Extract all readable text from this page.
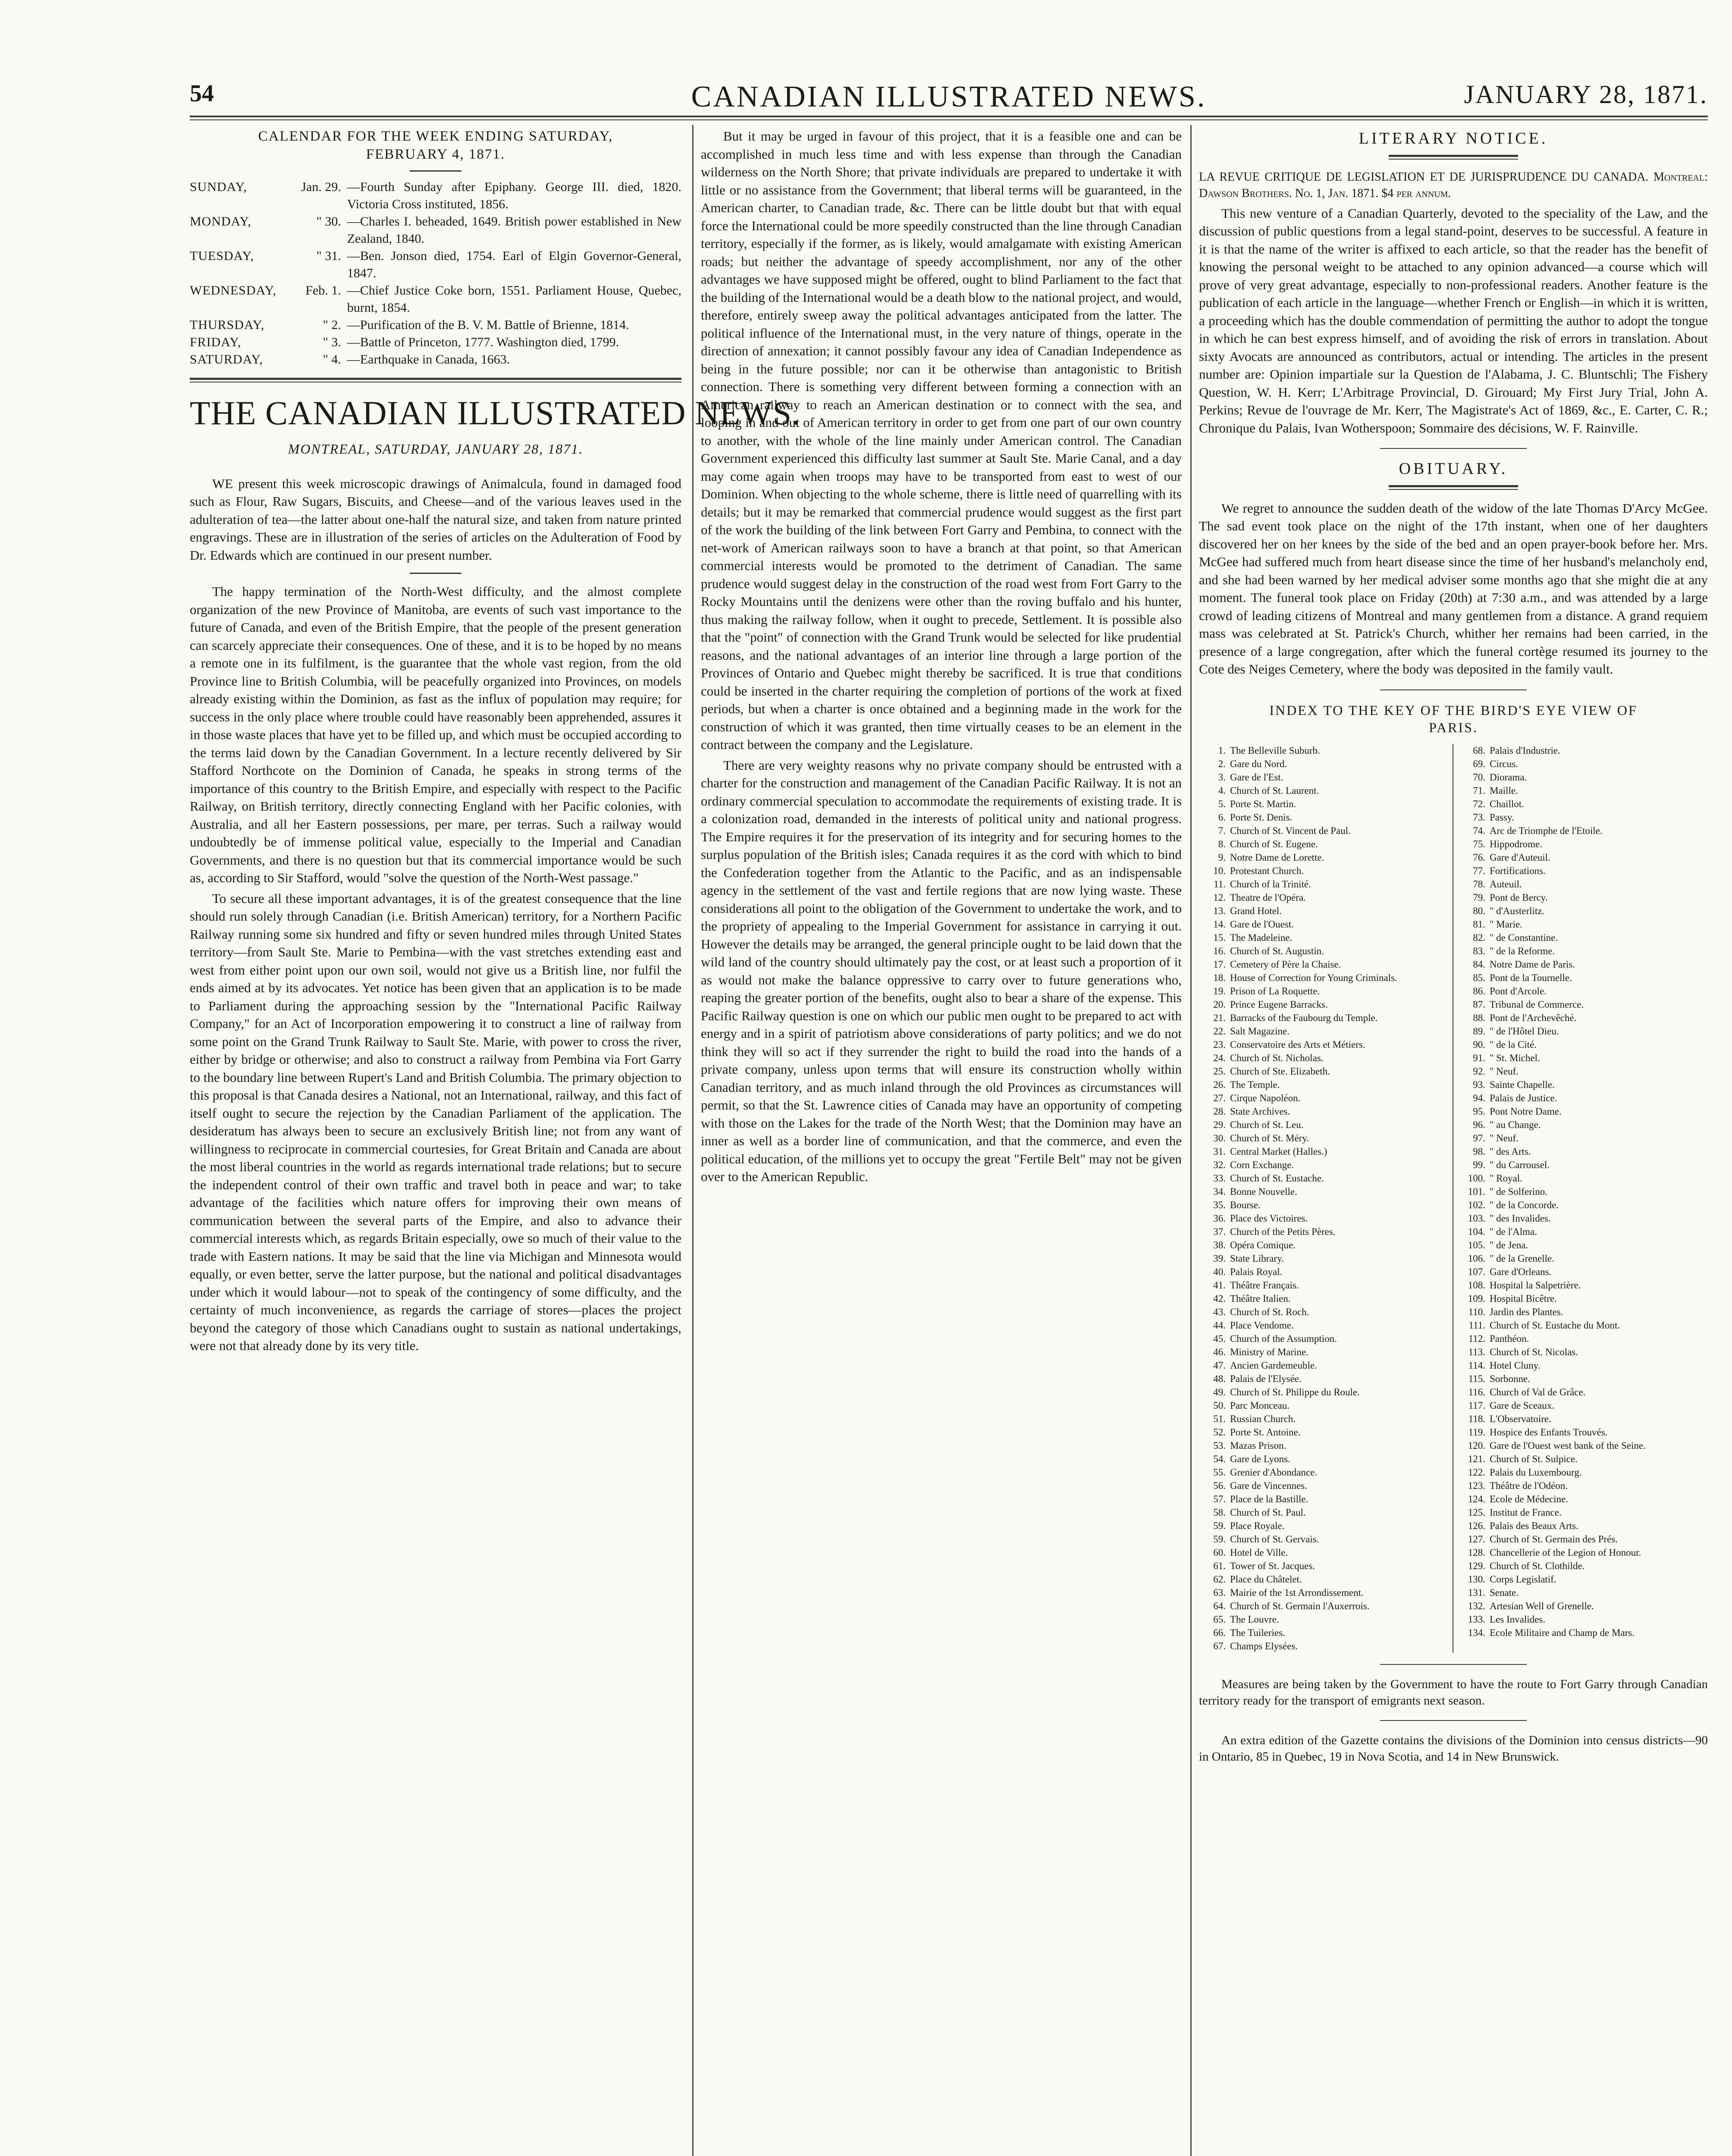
54	CANADIAN ILLUSTRATED NEWS.	JANUARY 28, 1871.
CALENDAR FOR THE WEEK ENDING SATURDAY,
FEBRUARY 4, 1871.
SUNDAY,	Jan. 29.	—Fourth Sunday after Epiphany. George III. died, 1820. Victoria Cross instituted, 1856.
MONDAY,	" 30.	—Charles I. beheaded, 1649. British power established in New Zealand, 1840.
TUESDAY,	" 31.	—Ben. Jonson died, 1754. Earl of Elgin Governor-General, 1847.
WEDNESDAY,	Feb. 1.	—Chief Justice Coke born, 1551. Parliament House, Quebec, burnt, 1854.
THURSDAY,	" 2.	—Purification of the B. V. M. Battle of Brienne, 1814.
FRIDAY,	" 3.	—Battle of Princeton, 1777. Washington died, 1799.
SATURDAY,	" 4.	—Earthquake in Canada, 1663.
THE CANADIAN ILLUSTRATED NEWS.
MONTREAL, SATURDAY, JANUARY 28, 1871.

WE present this week microscopic drawings of Animalcula, found in damaged food such as Flour, Raw Sugars, Biscuits, and Cheese—and of the various leaves used in the adulteration of tea—the latter about one-half the natural size, and taken from nature printed engravings. These are in illustration of the series of articles on the Adulteration of Food by Dr. Edwards which are continued in our present number.

The happy termination of the North-West difficulty, and the almost complete organization of the new Province of Manitoba, are events of such vast importance to the future of Canada, and even of the British Empire, that the people of the present generation can scarcely appreciate their consequences. One of these, and it is to be hoped by no means a remote one in its fulfilment, is the guarantee that the whole vast region, from the old Province line to British Columbia, will be peacefully organized into Provinces, on models already existing within the Dominion, as fast as the influx of population may require; for success in the only place where trouble could have reasonably been apprehended, assures it in those waste places that have yet to be filled up, and which must be occupied according to the terms laid down by the Canadian Government. In a lecture recently delivered by Sir Stafford Northcote on the Dominion of Canada, he speaks in strong terms of the importance of this country to the British Empire, and especially with respect to the Pacific Railway, on British territory, directly connecting England with her Pacific colonies, with Australia, and all her Eastern possessions, per mare, per terras. Such a railway would undoubtedly be of immense political value, especially to the Imperial and Canadian Governments, and there is no question but that its commercial importance would be such as, according to Sir Stafford, would "solve the question of the North-West passage."

To secure all these important advantages, it is of the greatest consequence that the line should run solely through Canadian (i.e. British American) territory, for a Northern Pacific Railway running some six hundred and fifty or seven hundred miles through United States territory—from Sault Ste. Marie to Pembina—with the vast stretches extending east and west from either point upon our own soil, would not give us a British line, nor fulfil the ends aimed at by its advocates. Yet notice has been given that an application is to be made to Parliament during the approaching session by the "International Pacific Railway Company," for an Act of Incorporation empowering it to construct a line of railway from some point on the Grand Trunk Railway to Sault Ste. Marie, with power to cross the river, either by bridge or otherwise; and also to construct a railway from Pembina via Fort Garry to the boundary line between Rupert's Land and British Columbia. The primary objection to this proposal is that Canada desires a National, not an International, railway, and this fact of itself ought to secure the rejection by the Canadian Parliament of the application. The desideratum has always been to secure an exclusively British line; not from any want of willingness to reciprocate in commercial courtesies, for Great Britain and Canada are about the most liberal countries in the world as regards international trade relations; but to secure the independent control of their own traffic and travel both in peace and war; to take advantage of the facilities which nature offers for improving their own means of communication between the several parts of the Empire, and also to advance their commercial interests which, as regards Britain especially, owe so much of their value to the trade with Eastern nations. It may be said that the line via Michigan and Minnesota would equally, or even better, serve the latter purpose, but the national and political disadvantages under which it would labour—not to speak of the contingency of some difficulty, and the certainty of much inconvenience, as regards the carriage of stores—places the project beyond the category of those which Canadians ought to sustain as national undertakings, were not that already done by its very title.

But it may be urged in favour of this project, that it is a feasible one and can be accomplished in much less time and with less expense than through the Canadian wilderness on the North Shore; that private individuals are prepared to undertake it with little or no assistance from the Government; that liberal terms will be guaranteed, in the American charter, to Canadian trade, &c. There can be little doubt but that with equal force the International could be more speedily constructed than the line through Canadian territory, especially if the former, as is likely, would amalgamate with existing American roads; but neither the advantage of speedy accomplishment, nor any of the other advantages we have supposed might be offered, ought to blind Parliament to the fact that the building of the International would be a death blow to the national project, and would, therefore, entirely sweep away the political advantages anticipated from the latter. The political influence of the International must, in the very nature of things, operate in the direction of annexation; it cannot possibly favour any idea of Canadian Independence as being in the future possible; nor can it be otherwise than antagonistic to British connection. There is something very different between forming a connection with an American railway to reach an American destination or to connect with the sea, and looping in and out of American territory in order to get from one part of our own country to another, with the whole of the line mainly under American control. The Canadian Government experienced this difficulty last summer at Sault Ste. Marie Canal, and a day may come again when troops may have to be transported from east to west of our Dominion. When objecting to the whole scheme, there is little need of quarrelling with its details; but it may be remarked that commercial prudence would suggest as the first part of the work the building of the link between Fort Garry and Pembina, to connect with the net-work of American railways soon to have a branch at that point, so that American commercial interests would be promoted to the detriment of Canadian. The same prudence would suggest delay in the construction of the road west from Fort Garry to the Rocky Mountains until the denizens were other than the roving buffalo and his hunter, thus making the railway follow, when it ought to precede, Settlement. It is possible also that the "point" of connection with the Grand Trunk would be selected for like prudential reasons, and the national advantages of an interior line through a large portion of the Provinces of Ontario and Quebec might thereby be sacrificed. It is true that conditions could be inserted in the charter requiring the completion of portions of the work at fixed periods, but when a charter is once obtained and a beginning made in the work for the construction of which it was granted, then time virtually ceases to be an element in the contract between the company and the Legislature.

There are very weighty reasons why no private company should be entrusted with a charter for the construction and management of the Canadian Pacific Railway. It is not an ordinary commercial speculation to accommodate the requirements of existing trade. It is a colonization road, demanded in the interests of political unity and national progress. The Empire requires it for the preservation of its integrity and for securing homes to the surplus population of the British isles; Canada requires it as the cord with which to bind the Confederation together from the Atlantic to the Pacific, and as an indispensable agency in the settlement of the vast and fertile regions that are now lying waste. These considerations all point to the obligation of the Government to undertake the work, and to the propriety of appealing to the Imperial Government for assistance in carrying it out. However the details may be arranged, the general principle ought to be laid down that the wild land of the country should ultimately pay the cost, or at least such a proportion of it as would not make the balance oppressive to carry over to future generations who, reaping the greater portion of the benefits, ought also to bear a share of the expense. This Pacific Railway question is one on which our public men ought to be prepared to act with energy and in a spirit of patriotism above considerations of party politics; and we do not think they will so act if they surrender the right to build the road into the hands of a private company, unless upon terms that will ensure its construction wholly within Canadian territory, and as much inland through the old Provinces as circumstances will permit, so that the St. Lawrence cities of Canada may have an opportunity of competing with those on the Lakes for the trade of the North West; that the Dominion may have an inner as well as a border line of communication, and that the commerce, and even the political education, of the millions yet to occupy the great "Fertile Belt" may not be given over to the American Republic.

LITERARY NOTICE.

LA REVUE CRITIQUE DE LEGISLATION ET DE JURISPRUDENCE DU CANADA. Montreal: Dawson Brothers. No. 1, Jan. 1871. $4 per annum.

This new venture of a Canadian Quarterly, devoted to the speciality of the Law, and the discussion of public questions from a legal stand-point, deserves to be successful. A feature in it is that the name of the writer is affixed to each article, so that the reader has the benefit of knowing the personal weight to be attached to any opinion advanced—a course which will prove of very great advantage, especially to non-professional readers. Another feature is the publication of each article in the language—whether French or English—in which it is written, a proceeding which has the double commendation of permitting the author to adopt the tongue in which he can best express himself, and of avoiding the risk of errors in translation. About sixty Avocats are announced as contributors, actual or intending. The articles in the present number are: Opinion impartiale sur la Question de l'Alabama, J. C. Bluntschli; The Fishery Question, W. H. Kerr; L'Arbitrage Provincial, D. Girouard; My First Jury Trial, John A. Perkins; Revue de l'ouvrage de Mr. Kerr, The Magistrate's Act of 1869, &c., E. Carter, C. R.; Chronique du Palais, Ivan Wotherspoon; Sommaire des décisions, W. F. Rainville.

OBITUARY.

We regret to announce the sudden death of the widow of the late Thomas D'Arcy McGee. The sad event took place on the night of the 17th instant, when one of her daughters discovered her on her knees by the side of the bed and an open prayer-book before her. Mrs. McGee had suffered much from heart disease since the time of her husband's melancholy end, and she had been warned by her medical adviser some months ago that she might die at any moment. The funeral took place on Friday (20th) at 7:30 a.m., and was attended by a large crowd of leading citizens of Montreal and many gentlemen from a distance. A grand requiem mass was celebrated at St. Patrick's Church, whither her remains had been carried, in the presence of a large congregation, after which the funeral cortège resumed its journey to the Cote des Neiges Cemetery, where the body was deposited in the family vault.

INDEX TO THE KEY OF THE BIRD'S EYE VIEW OF
PARIS.
1. The Belleville Suburb.
2. Gare du Nord.
3. Gare de l'Est.
4. Church of St. Laurent.
5. Porte St. Martin.
6. Porte St. Denis.
7. Church of St. Vincent de Paul.
8. Church of St. Eugene.
9. Notre Dame de Lorette.
10. Protestant Church.
11. Church of la Trinité.
12. Theatre de l'Opéra.
13. Grand Hotel.
14. Gare de l'Ouest.
15. The Madeleine.
16. Church of St. Augustin.
17. Cemetery of Père la Chaise.
18. House of Correction for Young Criminals.
19. Prison of La Roquette.
20. Prince Eugene Barracks.
21. Barracks of the Faubourg du Temple.
22. Salt Magazine.
23. Conservatoire des Arts et Métiers.
24. Church of St. Nicholas.
25. Church of Ste. Elizabeth.
26. The Temple.
27. Cirque Napoléon.
28. State Archives.
29. Church of St. Leu.
30. Church of St. Méry.
31. Central Market (Halles.)
32. Corn Exchange.
33. Church of St. Eustache.
34. Bonne Nouvelle.
35. Bourse.
36. Place des Victoires.
37. Church of the Petits Pères.
38. Opéra Comique.
39. State Library.
40. Palais Royal.
41. Théâtre Français.
42. Théâtre Italien.
43. Church of St. Roch.
44. Place Vendome.
45. Church of the Assumption.
46. Ministry of Marine.
47. Ancien Gardemeuble.
48. Palais de l'Elysée.
49. Church of St. Philippe du Roule.
50. Parc Monceau.
51. Russian Church.
52. Porte St. Antoine.
53. Mazas Prison.
54. Gare de Lyons.
55. Grenier d'Abondance.
56. Gare de Vincennes.
57. Place de la Bastille.
58. Church of St. Paul.
59. Place Royale.
59. Church of St. Gervais.
60. Hotel de Ville.
61. Tower of St. Jacques.
62. Place du Châtelet.
63. Mairie of the 1st Arrondissement.
64. Church of St. Germain l'Auxerrois.
65. The Louvre.
66. The Tuileries.
67. Champs Elysées.
68. Palais d'Industrie.
69. Circus.
70. Diorama.
71. Maille.
72. Chaillot.
73. Passy.
74. Arc de Triomphe de l'Etoile.
75. Hippodrome.
76. Gare d'Auteuil.
77. Fortifications.
78. Auteuil.
79. Pont de Bercy.
80. " d'Austerlitz.
81. " Marie.
82. " de Constantine.
83. " de la Reforme.
84. Notre Dame de Paris.
85. Pont de la Tournelle.
86. Pont d'Arcole.
87. Tribunal de Commerce.
88. Pont de l'Archevêché.
89. " de l'Hôtel Dieu.
90. " de la Cité.
91. " St. Michel.
92. " Neuf.
93. Sainte Chapelle.
94. Palais de Justice.
95. Pont Notre Dame.
96. " au Change.
97. " Neuf.
98. " des Arts.
99. " du Carrousel.
100. " Royal.
101. " de Solferino.
102. " de la Concorde.
103. " des Invalides.
104. " de l'Alma.
105. " de Jena.
106. " de la Grenelle.
107. Gare d'Orleans.
108. Hospital la Salpetrière.
109. Hospital Bicêtre.
110. Jardin des Plantes.
111. Church of St. Eustache du Mont.
112. Panthéon.
113. Church of St. Nicolas.
114. Hotel Cluny.
115. Sorbonne.
116. Church of Val de Grâce.
117. Gare de Sceaux.
118. L'Observatoire.
119. Hospice des Enfants Trouvés.
120. Gare de l'Ouest west bank of the Seine.
121. Church of St. Sulpice.
122. Palais du Luxembourg.
123. Théâtre de l'Odéon.
124. Ecole de Médecine.
125. Institut de France.
126. Palais des Beaux Arts.
127. Church of St. Germain des Prés.
128. Chancellerie of the Legion of Honour.
129. Church of St. Clothilde.
130. Corps Legislatif.
131. Senate.
132. Artesian Well of Grenelle.
133. Les Invalides.
134. Ecole Militaire and Champ de Mars.

Measures are being taken by the Government to have the route to Fort Garry through Canadian territory ready for the transport of emigrants next season.

An extra edition of the Gazette contains the divisions of the Dominion into census districts—90 in Ontario, 85 in Quebec, 19 in Nova Scotia, and 14 in New Brunswick.
